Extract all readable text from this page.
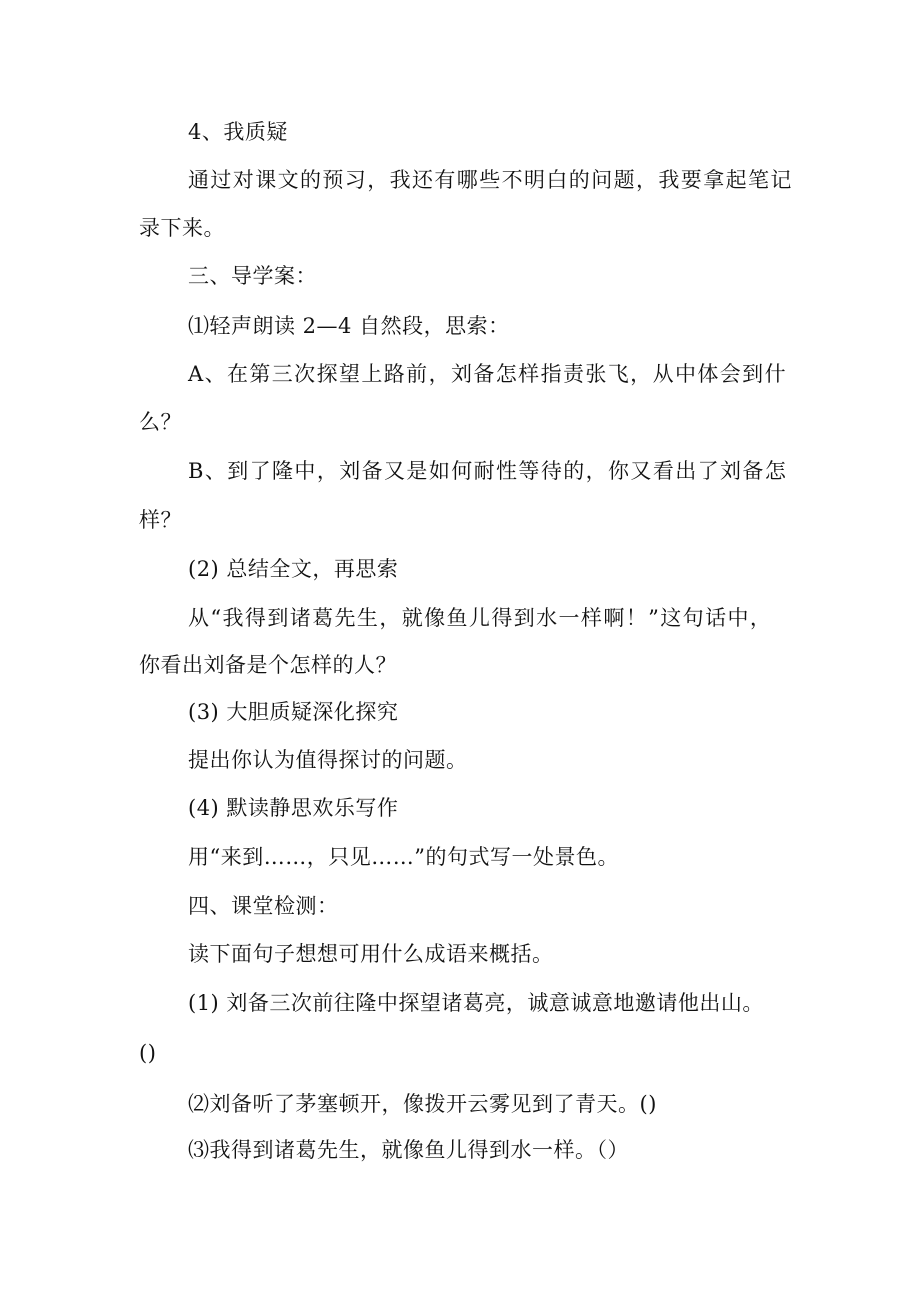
4、我质疑
通过对课文的预习，我还有哪些不明白的问题，我要拿起笔记
录下来。
三、导学案：
⑴轻声朗读 2—4 自然段，思索：
A、在第三次探望上路前，刘备怎样指责张飞，从中体会到什
么？
B、到了隆中，刘备又是如何耐性等待的，你又看出了刘备怎
样？
(2) 总结全文，再思索
从“我得到诸葛先生，就像鱼儿得到水一样啊！”这句话中，
你看出刘备是个怎样的人？
(3) 大胆质疑深化探究
提出你认为值得探讨的问题。
(4) 默读静思欢乐写作
用“来到……，只见……”的句式写一处景色。
四、课堂检测：
读下面句子想想可用什么成语来概括。
(1) 刘备三次前往隆中探望诸葛亮，诚意诚意地邀请他出山。
()
⑵刘备听了茅塞顿开，像拨开云雾见到了青天。()
⑶我得到诸葛先生，就像鱼儿得到水一样。（）
